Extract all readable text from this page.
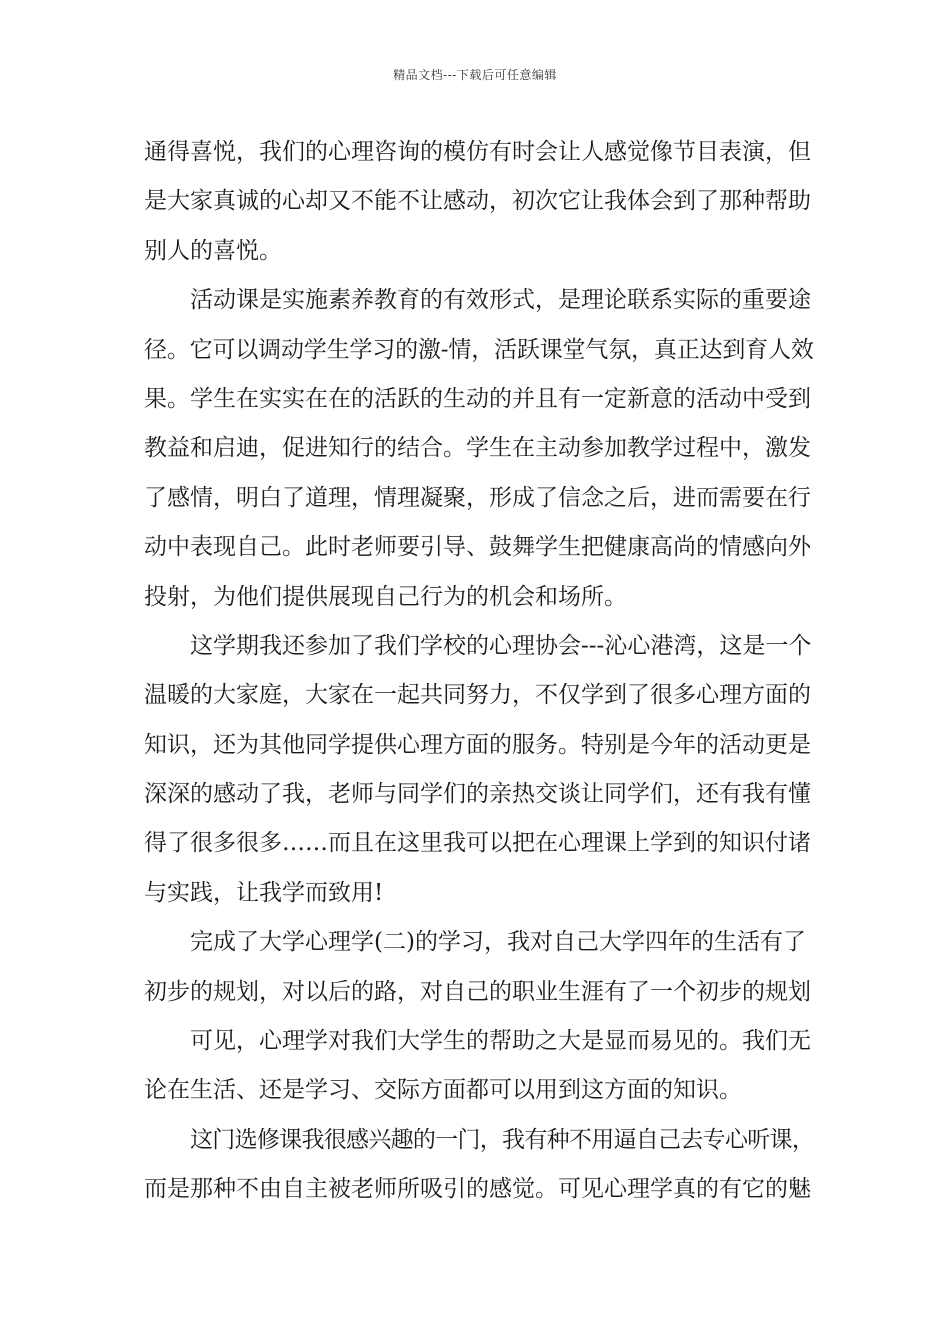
精品文档---下载后可任意编辑
通得喜悦，我们的心理咨询的模仿有时会让人感觉像节目表演，但
是大家真诚的心却又不能不让感动，初次它让我体会到了那种帮助
别人的喜悦。
活动课是实施素养教育的有效形式，是理论联系实际的重要途
径。它可以调动学生学习的激-情，活跃课堂气氛，真正达到育人效
果。学生在实实在在的活跃的生动的并且有一定新意的活动中受到
教益和启迪，促进知行的结合。学生在主动参加教学过程中，激发
了感情，明白了道理，情理凝聚，形成了信念之后，进而需要在行
动中表现自己。此时老师要引导、鼓舞学生把健康高尚的情感向外
投射，为他们提供展现自己行为的机会和场所。
这学期我还参加了我们学校的心理协会---沁心港湾，这是一个
温暖的大家庭，大家在一起共同努力，不仅学到了很多心理方面的
知识，还为其他同学提供心理方面的服务。特别是今年的活动更是
深深的感动了我，老师与同学们的亲热交谈让同学们，还有我有懂
得了很多很多……而且在这里我可以把在心理课上学到的知识付诸
与实践，让我学而致用!
完成了大学心理学(二)的学习，我对自己大学四年的生活有了
初步的规划，对以后的路，对自己的职业生涯有了一个初步的规划
可见，心理学对我们大学生的帮助之大是显而易见的。我们无
论在生活、还是学习、交际方面都可以用到这方面的知识。
这门选修课我很感兴趣的一门，我有种不用逼自己去专心听课，
而是那种不由自主被老师所吸引的感觉。可见心理学真的有它的魅
